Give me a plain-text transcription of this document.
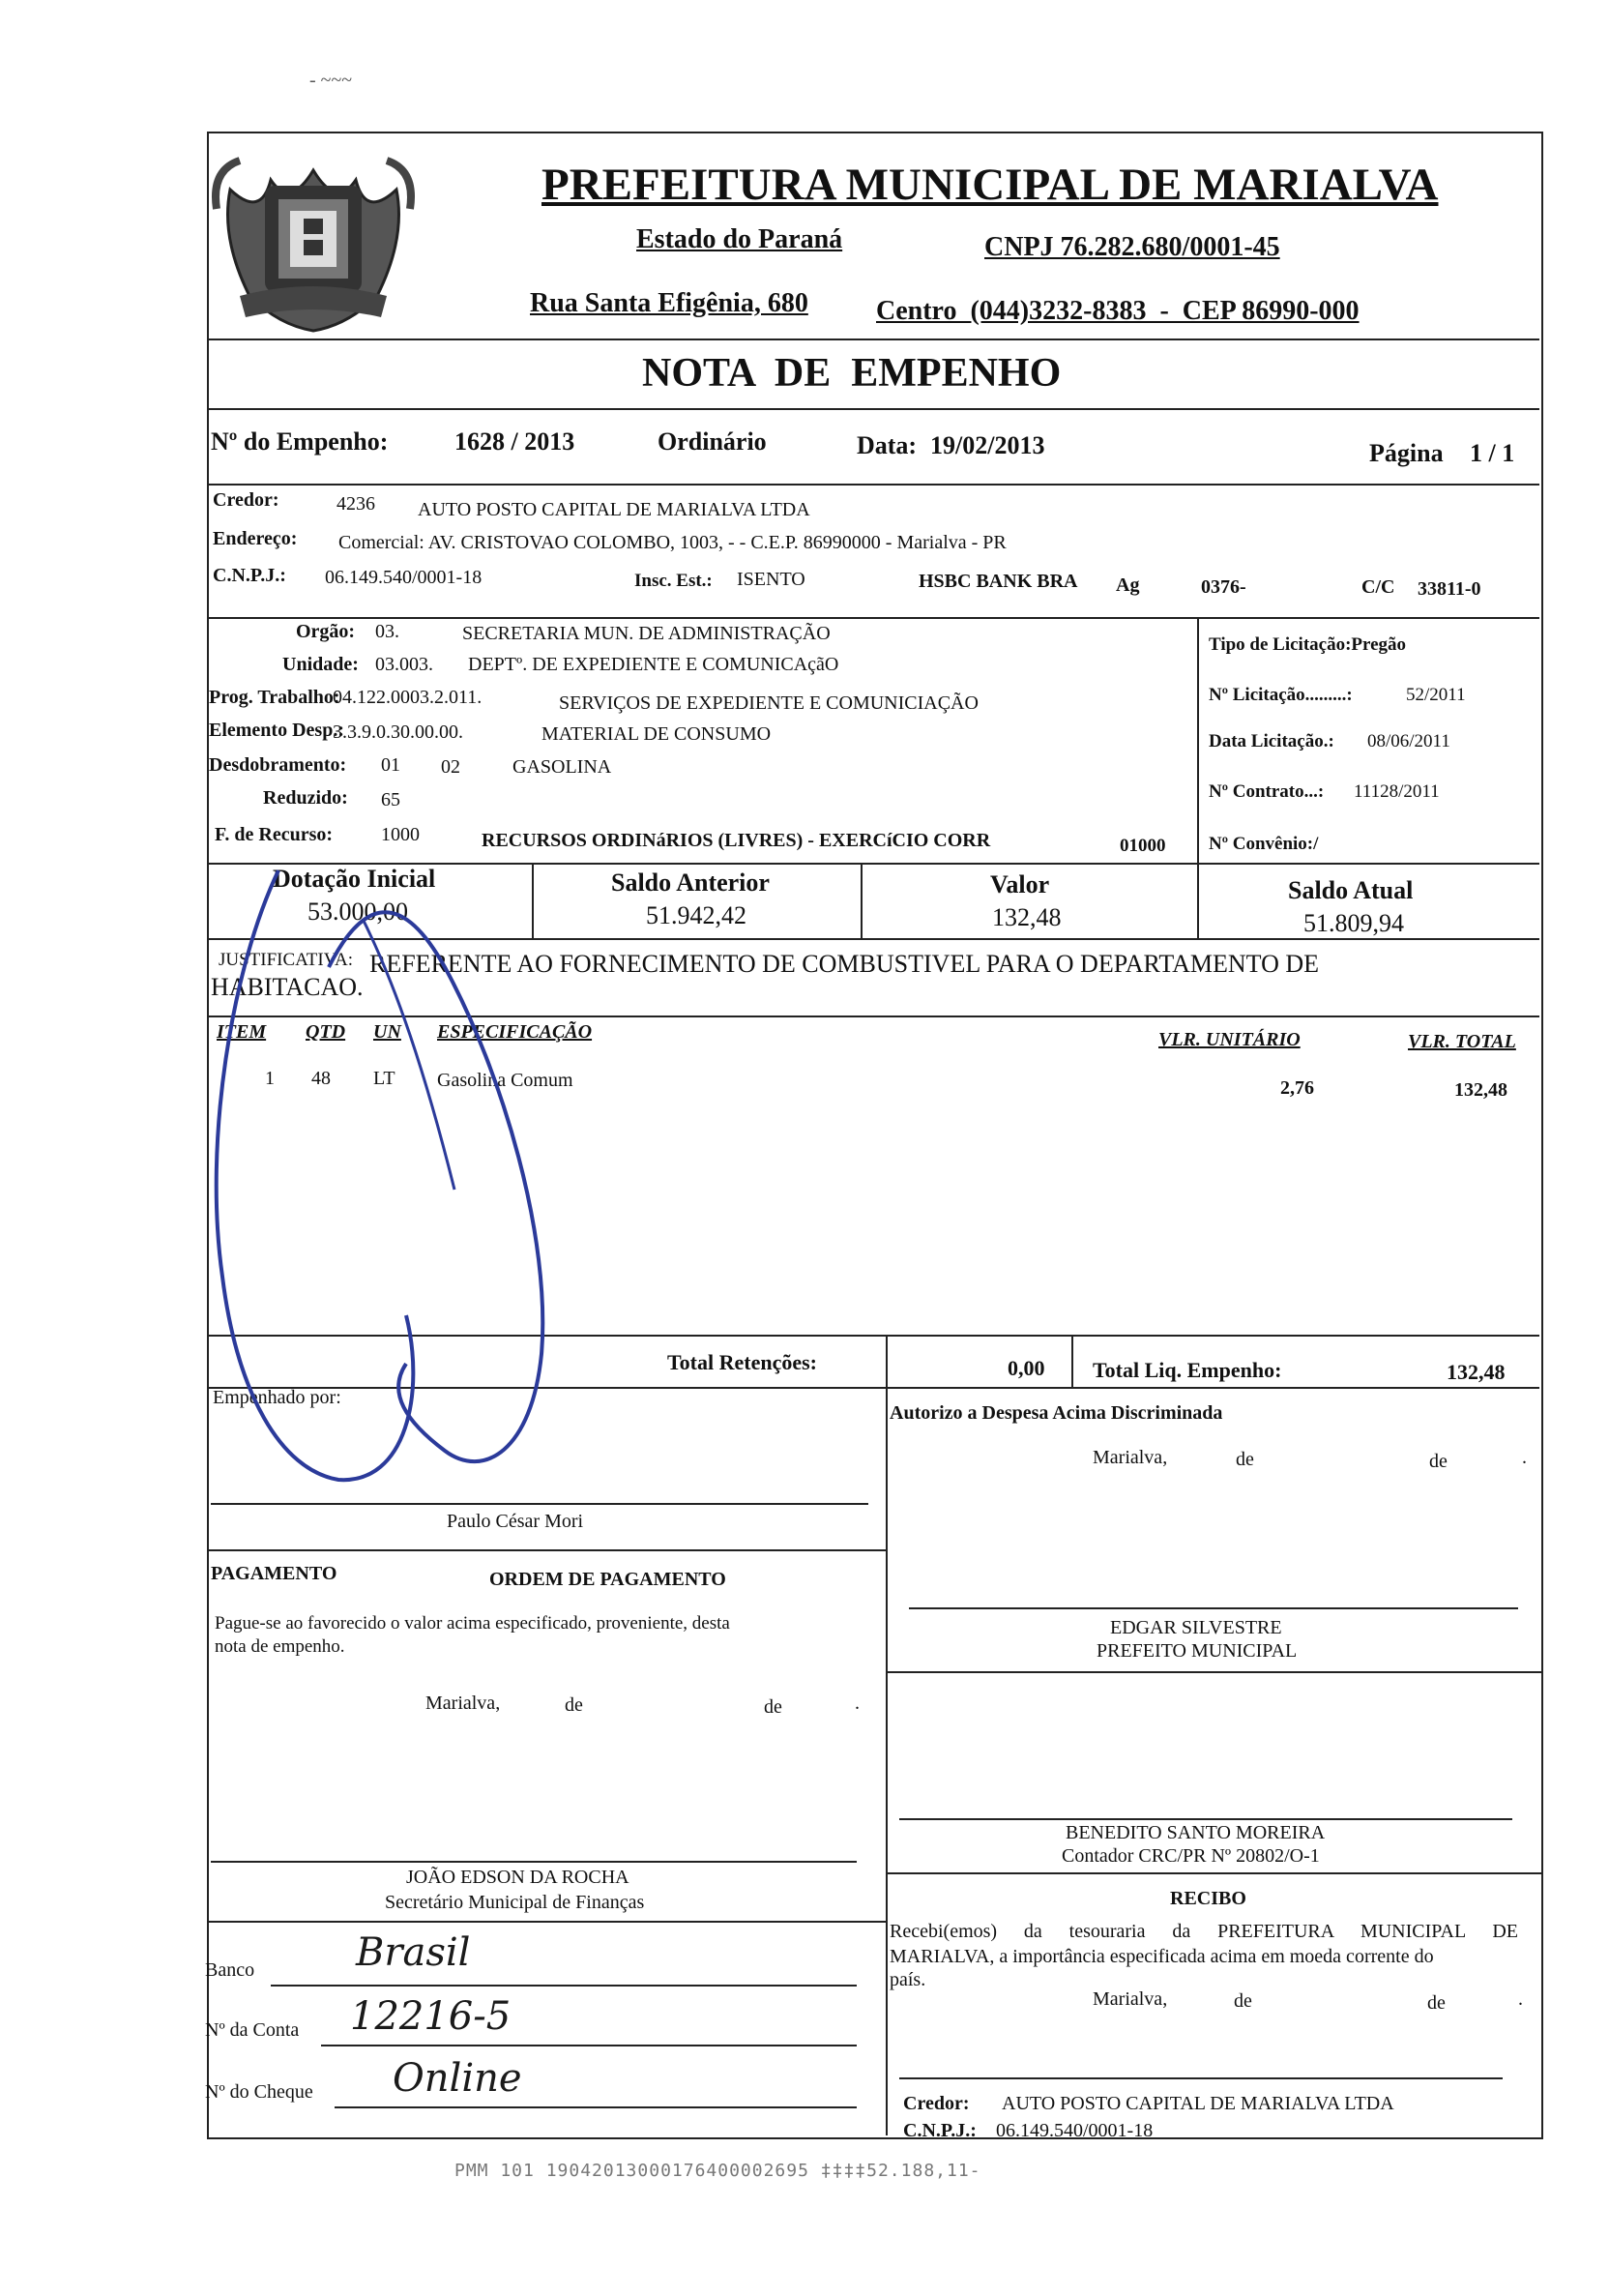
- ~~~
PREFEITURA MUNICIPAL DE MARIALVA
Estado do Paraná	CNPJ 76.282.680/0001-45
Rua Santa Efigênia, 680	Centro  (044)3232-8383  -  CEP 86990-000
NOTA  DE  EMPENHO
Nº do Empenho:	1628 / 2013	Ordinário	Data: 19/02/2013	Página 1 / 1
Credor:	4236 AUTO POSTO CAPITAL DE MARIALVA LTDA
Endereço: Comercial: AV. CRISTOVAO COLOMBO, 1003, - - C.E.P. 86990000 - Marialva - PR
C.N.P.J.: 06.149.540/0001-18	Insc. Est.: ISENTO	HSBC BANK BRA Ag	0376-	C/C 33811-0
Orgão: 03.	SECRETARIA MUN. DE ADMINISTRAÇÃO
Unidade: 03.003. DEPTº. DE EXPEDIENTE E COMUNICAçãO
Prog. Trabalho:
04.122.0003.2.011.	SERVIÇOS DE EXPEDIENTE E COMUNICIAÇÃO
Elemento Desp.:
3.3.9.0.30.00.00.	MATERIAL DE CONSUMO
Desdobramento: 01 02	GASOLINA
Reduzido: 65
F. de Recurso: 1000	RECURSOS ORDINáRIOS (LIVRES) - EXERCíCIO CORR	01000
Tipo de Licitação:Pregão
Nº Licitação.........:	52/2011
Data Licitação.: 08/06/2011
Nº Contrato...: 11128/2011
Nº Convênio:/
Dotação Inicial
53.000,00
Saldo Anterior
51.942,42
Valor
132,48
Saldo Atual
51.809,94
JUSTIFICATIVA: REFERENTE AO FORNECIMENTO DE COMBUSTIVEL PARA O DEPARTAMENTO DE
HABITACAO.
ITEM QTD UN ESPECIFICAÇÃO	VLR. UNITÁRIO	VLR. TOTAL
1 48 LT Gasolina Comum	2,76	132,48
Total Retenções:	0,00 Total Liq. Empenho:	132,48
Empenhado por:
Paulo César Mori
Autorizo a Despesa Acima Discriminada
Marialva,	de	de	.
EDGAR SILVESTRE
PREFEITO MUNICIPAL
PAGAMENTO	ORDEM DE PAGAMENTO
Pague-se ao favorecido o valor acima especificado, proveniente, desta
nota de empenho.
Marialva,	de	de	.
BENEDITO SANTO MOREIRA
Contador CRC/PR Nº 20802/O-1
JOÃO EDSON DA ROCHA
Secretário Municipal de Finanças	RECIBO
Recebi(emos) da tesouraria da PREFEITURA MUNICIPAL DE
MARIALVA, a importância especificada acima em moeda corrente do
país.
Marialva,	de	de	.
Banco	Brasil
Nº da Conta 12216-5
Nº do Cheque Online
Credor: AUTO POSTO CAPITAL DE MARIALVA LTDA
C.N.P.J.: 06.149.540/0001-18
PMM 101 19042013000176400002695 ‡‡‡‡52.188,11-
